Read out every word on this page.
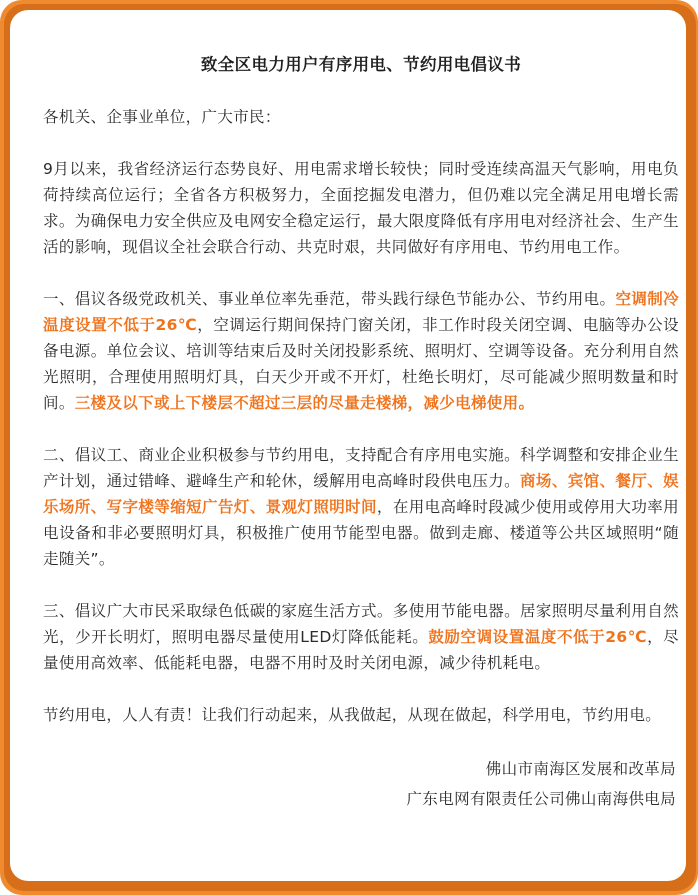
致全区电力用户有序用电、节约用电倡议书
各机关、企事业单位，广大市民：
9月以来，我省经济运行态势良好、用电需求增长较快；同时受连续高温天气影响，用电负荷持续高位运行；全省各方积极努力，全面挖掘发电潜力，但仍难以完全满足用电增长需求。为确保电力安全供应及电网安全稳定运行，最大限度降低有序用电对经济社会、生产生活的影响，现倡议全社会联合行动、共克时艰，共同做好有序用电、节约用电工作。
一、倡议各级党政机关、事业单位率先垂范，带头践行绿色节能办公、节约用电。空调制冷温度设置不低于26℃，空调运行期间保持门窗关闭，非工作时段关闭空调、电脑等办公设备电源。单位会议、培训等结束后及时关闭投影系统、照明灯、空调等设备。充分利用自然光照明，合理使用照明灯具，白天少开或不开灯，杜绝长明灯，尽可能减少照明数量和时间。三楼及以下或上下楼层不超过三层的尽量走楼梯，减少电梯使用。
二、倡议工、商业企业积极参与节约用电，支持配合有序用电实施。科学调整和安排企业生产计划，通过错峰、避峰生产和轮休，缓解用电高峰时段供电压力。商场、宾馆、餐厅、娱乐场所、写字楼等缩短广告灯、景观灯照明时间，在用电高峰时段减少使用或停用大功率用电设备和非必要照明灯具，积极推广使用节能型电器。做到走廊、楼道等公共区域照明“随走随关”。
三、倡议广大市民采取绿色低碳的家庭生活方式。多使用节能电器。居家照明尽量利用自然光，少开长明灯，照明电器尽量使用LED灯降低能耗。鼓励空调设置温度不低于26℃，尽量使用高效率、低能耗电器，电器不用时及时关闭电源，减少待机耗电。
节约用电，人人有责！让我们行动起来，从我做起，从现在做起，科学用电，节约用电。
佛山市南海区发展和改革局
广东电网有限责任公司佛山南海供电局
